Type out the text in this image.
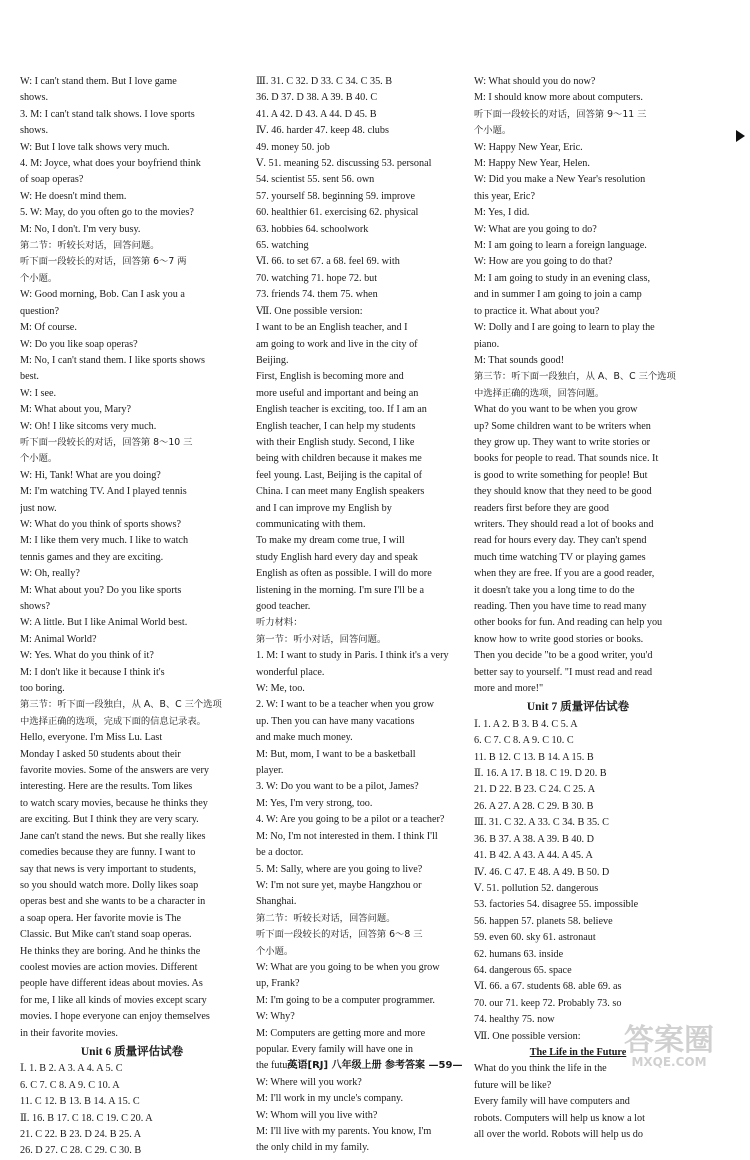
W: I can't stand them. But I love game
shows.
3. M: I can't stand talk shows. I love sports
shows.
W: But I love talk shows very much.
4. M: Joyce, what does your boyfriend think
of soap operas?
W: He doesn't mind them.
5. W: May, do you often go to the movies?
M: No, I don't. I'm very busy.
第二节：听较长对话，回答问题。
听下面一段较长的对话，回答第 6～7 两
个小题。
W: Good morning, Bob. Can I ask you a
question?
M: Of course.
W: Do you like soap operas?
M: No, I can't stand them. I like sports shows
best.
W: I see.
M: What about you, Mary?
W: Oh! I like sitcoms very much.
听下面一段较长的对话，回答第 8～10 三
个小题。
W: Hi, Tank! What are you doing?
M: I'm watching TV. And I played tennis
just now.
W: What do you think of sports shows?
M: I like them very much. I like to watch
tennis games and they are exciting.
W: Oh, really?
M: What about you? Do you like sports
shows?
W: A little. But I like Animal World best.
M: Animal World?
W: Yes. What do you think of it?
M: I don't like it because I think it's
too boring.
第三节：听下面一段独白，从 A、B、C 三个选项
中选择正确的选项，完成下面的信息记录表。
Hello, everyone. I'm Miss Lu. Last
Monday I asked 50 students about their
favorite movies. Some of the answers are very
interesting. Here are the results. Tom likes
to watch scary movies, because he thinks they
are exciting. But I think they are very scary.
Jane can't stand the news. But she really likes
comedies because they are funny. I want to
say that news is very important to students,
so you should watch more. Dolly likes soap
operas best and she wants to be a character in
a soap opera. Her favorite movie is The
Classic. But Mike can't stand soap operas.
He thinks they are boring. And he thinks the
coolest movies are action movies. Different
people have different ideas about movies. As
for me, I like all kinds of movies except scary
movies. I hope everyone can enjoy themselves
in their favorite movies.
Unit 6 质量评估试卷
Ⅰ. 1. B 2. A 3. A 4. A 5. C
6. C 7. C 8. A 9. C 10. A
11. C 12. B 13. B 14. A 15. C
Ⅱ. 16. B 17. C 18. C 19. C 20. A
21. C 22. B 23. D 24. B 25. A
26. D 27. C 28. C 29. C 30. B
Ⅲ. 31. C 32. D 33. C 34. C 35. B
36. D 37. D 38. A 39. B 40. C
41. A 42. D 43. A 44. D 45. B
Ⅳ. 46. harder 47. keep 48. clubs
49. money 50. job
Ⅴ. 51. meaning 52. discussing 53. personal
54. scientist 55. sent 56. own
57. yourself 58. beginning 59. improve
60. healthier 61. exercising 62. physical
63. hobbies 64. schoolwork
65. watching
Ⅵ. 66. to set 67. a 68. feel 69. with
70. watching 71. hope 72. but
73. friends 74. them 75. when
Ⅶ. One possible version:
I want to be an English teacher, and I
am going to work and live in the city of
Beijing.
First, English is becoming more and
more useful and important and being an
English teacher is exciting, too. If I am an
English teacher, I can help my students
with their English study. Second, I like
being with children because it makes me
feel young. Last, Beijing is the capital of
China. I can meet many English speakers
and I can improve my English by
communicating with them.
To make my dream come true, I will
study English hard every day and speak
English as often as possible. I will do more
listening in the morning. I'm sure I'll be a
good teacher.
听力材料：
第一节：听小对话，回答问题。
1. M: I want to study in Paris. I think it's a very
wonderful place.
W: Me, too.
2. W: I want to be a teacher when you grow
up. Then you can have many vacations
and make much money.
M: But, mom, I want to be a basketball
player.
3. W: Do you want to be a pilot, James?
M: Yes, I'm very strong, too.
4. W: Are you going to be a pilot or a teacher?
M: No, I'm not interested in them. I think I'll
be a doctor.
5. M: Sally, where are you going to live?
W: I'm not sure yet, maybe Hangzhou or
Shanghai.
第二节：听较长对话，回答问题。
听下面一段较长的对话，回答第 6～8 三
个小题。
W: What are you going to be when you grow
up, Frank?
M: I'm going to be a computer programmer.
W: Why?
M: Computers are getting more and more
popular. Every family will have one in
the future.
W: Where will you work?
M: I'll work in my uncle's company.
W: Whom will you live with?
M: I'll live with my parents. You know, I'm
the only child in my family.
W: What should you do now?
M: I should know more about computers.
听下面一段较长的对话，回答第 9～11 三
个小题。
W: Happy New Year, Eric.
M: Happy New Year, Helen.
W: Did you make a New Year's resolution
this year, Eric?
M: Yes, I did.
W: What are you going to do?
M: I am going to learn a foreign language.
W: How are you going to do that?
M: I am going to study in an evening class,
and in summer I am going to join a camp
to practice it. What about you?
W: Dolly and I are going to learn to play the
piano.
M: That sounds good!
第三节：听下面一段独白，从 A、B、C 三个选项
中选择正确的选项，回答问题。
What do you want to be when you grow
up? Some children want to be writers when
they grow up. They want to write stories or
books for people to read. That sounds nice. It
is good to write something for people! But
they should know that they need to be good
readers first before they are good
writers. They should read a lot of books and
read for hours every day. They can't spend
much time watching TV or playing games
when they are free. If you are a good reader,
it doesn't take you a long time to do the
reading. Then you have time to read many
other books for fun. And reading can help you
know how to write good stories or books.
Then you decide "to be a good writer, you'd
better say to yourself. "I must read and read
more and more!"
Unit 7 质量评估试卷
Ⅰ. 1. A 2. B 3. B 4. C 5. A
6. C 7. C 8. A 9. C 10. C
11. B 12. C 13. B 14. A 15. B
Ⅱ. 16. A 17. B 18. C 19. D 20. B
21. D 22. B 23. C 24. C 25. A
26. A 27. A 28. C 29. B 30. B
Ⅲ. 31. C 32. A 33. C 34. B 35. C
36. B 37. A 38. A 39. B 40. D
41. B 42. A 43. A 44. A 45. A
Ⅳ. 46. C 47. E 48. A 49. B 50. D
Ⅴ. 51. pollution 52. dangerous
53. factories 54. disagree 55. impossible
56. happen 57. planets 58. believe
59. even 60. sky 61. astronaut
62. humans 63. inside
64. dangerous 65. space
Ⅵ. 66. a 67. students 68. able 69. as
70. our 71. keep 72. Probably 73. so
74. healthy 75. now
Ⅶ. One possible version:
The Life in the Future
What do you think the life in the
future will be like?
Every family will have computers and
robots. Computers will help us know a lot
all over the world. Robots will help us do
英语[RJ] 八年级上册 参考答案 —59—
答案圈
MXQE.COM
